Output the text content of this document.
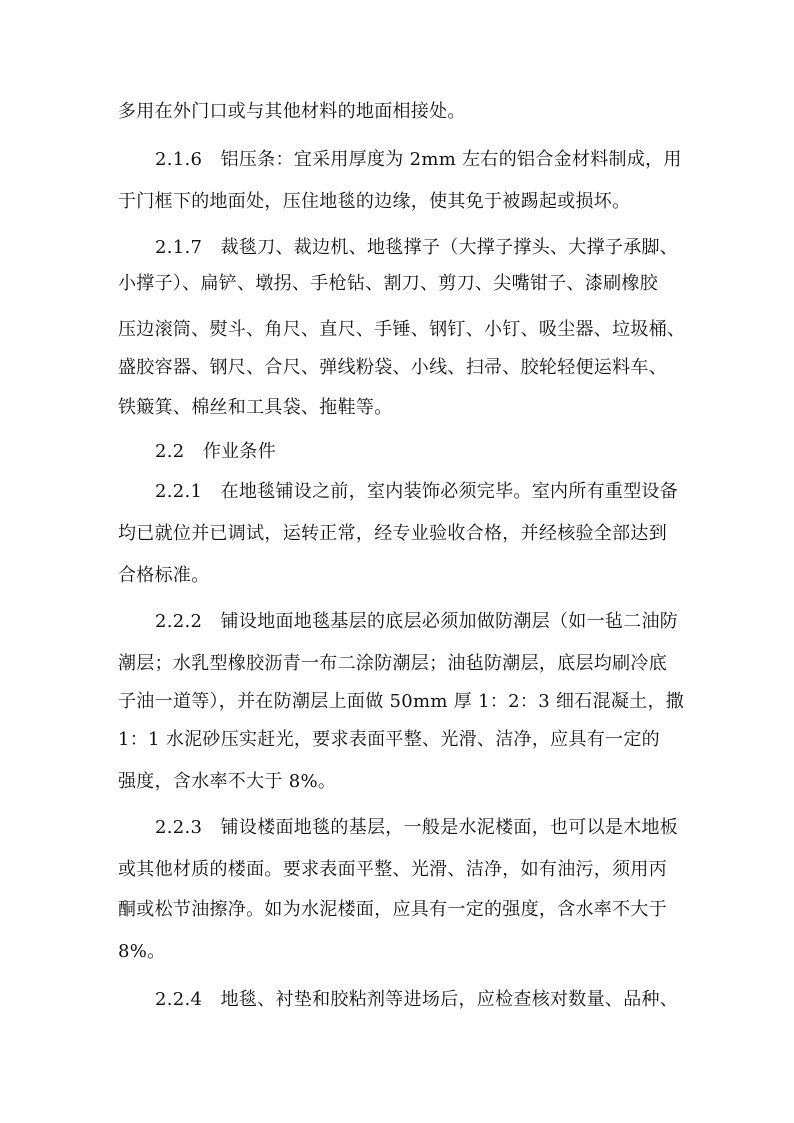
多用在外门口或与其他材料的地面相接处。
2.1.6　铝压条：宜采用厚度为 2mm 左右的铝合金材料制成，用
于门框下的地面处，压住地毯的边缘，使其免于被踢起或损坏。
2.1.7　裁毯刀、裁边机、地毯撑子（大撑子撑头、大撑子承脚、
小撑子）、扁铲、墩拐、手枪钻、割刀、剪刀、尖嘴钳子、漆刷橡胶
压边滚筒、熨斗、角尺、直尺、手锤、钢钉、小钉、吸尘器、垃圾桶、
盛胶容器、钢尺、合尺、弹线粉袋、小线、扫帚、胶轮轻便运料车、
铁簸箕、棉丝和工具袋、拖鞋等。
2.2　作业条件
2.2.1　在地毯铺设之前，室内装饰必须完毕。室内所有重型设备
均已就位并已调试，运转正常，经专业验收合格，并经核验全部达到
合格标准。
2.2.2　铺设地面地毯基层的底层必须加做防潮层（如一毡二油防
潮层；水乳型橡胶沥青一布二涂防潮层；油毡防潮层，底层均刷冷底
子油一道等），并在防潮层上面做 50mm 厚 1：2：3 细石混凝土，撒
1：1 水泥砂压实赶光，要求表面平整、光滑、洁净，应具有一定的
强度，含水率不大于 8%。
2.2.3　铺设楼面地毯的基层，一般是水泥楼面，也可以是木地板
或其他材质的楼面。要求表面平整、光滑、洁净，如有油污，须用丙
酮或松节油擦净。如为水泥楼面，应具有一定的强度，含水率不大于
8%。
2.2.4　地毯、衬垫和胶粘剂等进场后，应检查核对数量、品种、
